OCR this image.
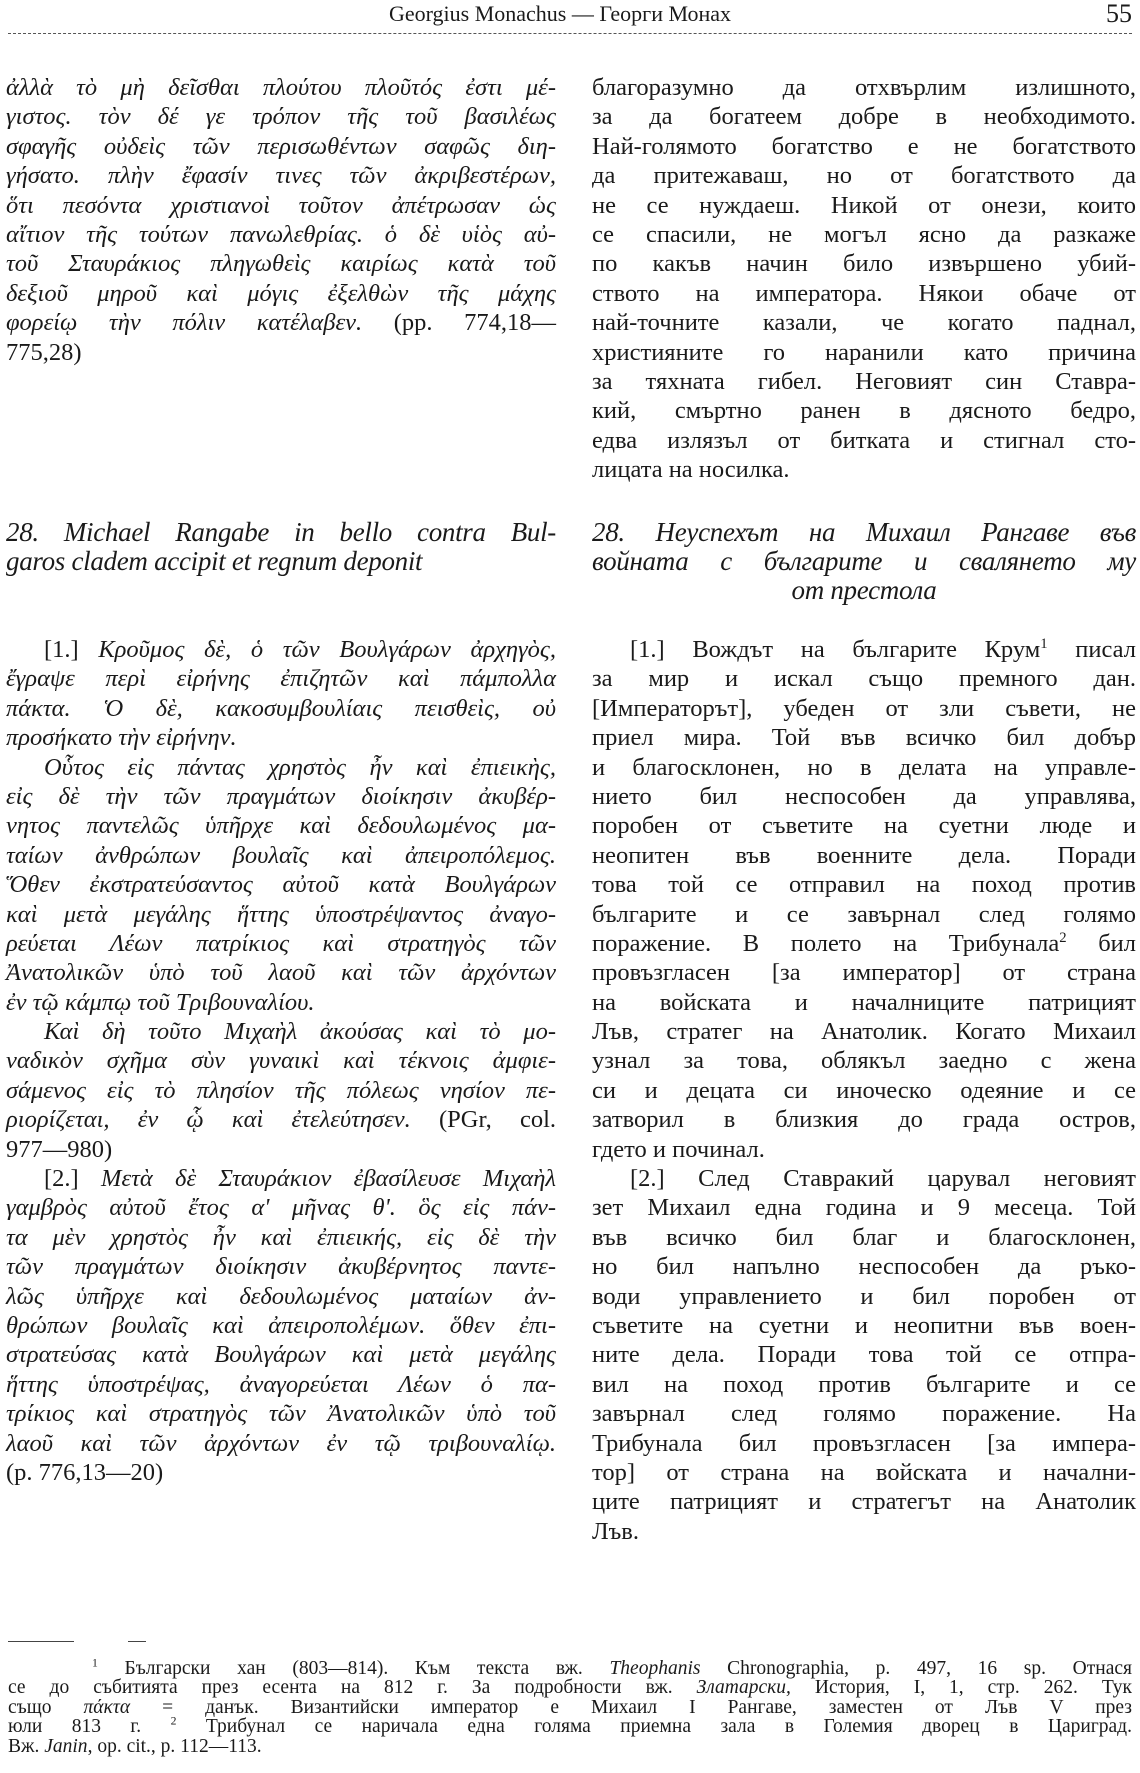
Georgius Monachus — Георги Монах	55
ἀλλὰ τὸ μὴ δεῖσθαι πλούτου πλοῦτός ἐστι μέ-
γιστος. τὸν δέ γε τρόπον τῆς τοῦ βασιλέως
σφαγῆς οὐδεὶς τῶν περισωθέντων σαφῶς διη-
γήσατο. πλὴν ἔφασίν τινες τῶν ἀκριβεστέρων,
ὅτι πεσόντα χριστιανοὶ τοῦτον ἀπέτρωσαν ὡς
αἴτιον τῆς τούτων πανωλεθρίας. ὁ δὲ υἱὸς αὐ-
τοῦ Σταυράκιος πληγωθεὶς καιρίως κατὰ τοῦ
δεξιοῦ μηροῦ καὶ μόγις ἐξελθὼν τῆς μάχης
φορείῳ τὴν πόλιν κατέλαβεν. (pp. 774,18—
775,28)
благоразумно да отхвърлим излишното,
за да богатеем добре в необходимото.
Най-голямото богатство е не богатството
да притежаваш, но от богатството да
не се нуждаеш. Никой от онези, които
се спасили, не могъл ясно да разкаже
по какъв начин било извършено убий-
ството на императора. Някои обаче от
най-точните казали, че когато паднал,
християните го наранили като причина
за тяхната гибел. Неговият син Ставра-
кий, смъртно ранен в дясното бедро,
едва излязъл от битката и стигнал сто-
лицата на носилка.
28. Michael Rangabe in bello contra Bul-
garos cladem accipit et regnum deponit
28. Неуспехът на Михаил Рангаве във
войната с българите и свалянето му
от престола
[1.] Κροῦμος δὲ, ὁ τῶν Βουλγάρων ἀρχηγὸς,
ἔγραψε περὶ εἰρήνης ἐπιζητῶν καὶ πάμπολλα
πάκτα. Ὁ δὲ, κακοσυμβουλίαις πεισθεὶς, οὐ
προσήκατο τὴν εἰρήνην.
Οὗτος εἰς πάντας χρηστὸς ἦν καὶ ἐπιεικὴς,
εἰς δὲ τὴν τῶν πραγμάτων διοίκησιν ἀκυβέρ-
νητος παντελῶς ὑπῆρχε καὶ δεδουλωμένος μα-
ταίων ἀνθρώπων βουλαῖς καὶ ἀπειροπόλεμος.
Ὅθεν ἐκστρατεύσαντος αὐτοῦ κατὰ Βουλγάρων
καὶ μετὰ μεγάλης ἥττης ὑποστρέψαντος ἀναγο-
ρεύεται Λέων πατρίκιος καὶ στρατηγὸς τῶν
Ἀνατολικῶν ὑπὸ τοῦ λαοῦ καὶ τῶν ἀρχόντων
ἐν τῷ κάμπῳ τοῦ Τριβουναλίου.
Καὶ δὴ τοῦτο Μιχαὴλ ἀκούσας καὶ τὸ μο-
ναδικὸν σχῆμα σὺν γυναικὶ καὶ τέκνοις ἀμφιε-
σάμενος εἰς τὸ πλησίον τῆς πόλεως νησίον πε-
ριορίζεται, ἐν ᾧ καὶ ἐτελεύτησεν. (PGr, col.
977—980)
[2.] Μετὰ δὲ Σταυράκιον ἐβασίλευσε Μιχαὴλ
γαμβρὸς αὐτοῦ ἔτος α' μῆνας θ'. ὃς εἰς πάν-
τα μὲν χρηστὸς ἦν καὶ ἐπιεικής, εἰς δὲ τὴν
τῶν πραγμάτων διοίκησιν ἀκυβέρνητος παντε-
λῶς ὑπῆρχε καὶ δεδουλωμένος ματαίων ἀν-
θρώπων βουλαῖς καὶ ἀπειροπολέμων. ὅθεν ἐπι-
στρατεύσας κατὰ Βουλγάρων καὶ μετὰ μεγάλης
ἥττης ὑποστρέψας, ἀναγορεύεται Λέων ὁ πα-
τρίκιος καὶ στρατηγὸς τῶν Ἀνατολικῶν ὑπὸ τοῦ
λαοῦ καὶ τῶν ἀρχόντων ἐν τῷ τριβουναλίῳ.
(p. 776,13—20)
[1.] Вождът на българите Крум$^1$ писал
за мир и искал също премного дан.
[Императорът], убеден от зли съвети, не
приел мира. Той във всичко бил добър
и благосклонен, но в делата на управле-
нието бил неспособен да управлява,
поробен от съветите на суетни люде и
неопитен във военните дела. Поради
това той се отправил на поход против
българите и се завърнал след голямо
поражение. В полето на Трибунала$^2$ бил
провъзгласен [за император] от страна
на войската и началниците патрицият
Лъв, стратег на Анатолик. Когато Михаил
узнал за това, облякъл заедно с жена
си и децата си иноческо одеяние и се
затворил в близкия до града остров,
гдето и починал.
[2.] След Ставракий царувал неговият
зет Михаил една година и 9 месеца. Той
във всичко бил благ и благосклонен,
но бил напълно неспособен да ръко-
води управлението и бил поробен от
съветите на суетни и неопитни във воен-
ните дела. Поради това той се отпра-
вил на поход против българите и се
завърнал след голямо поражение. На
Трибунала бил провъзгласен [за импера-
тор] от страна на войската и начални-
ците патрицият и стратегът на Анатолик
Лъв.
$^1$ Български хан (803—814). Към текста вж. Theophanis Chronographia, p. 497, 16 sp. Отнася
се до събитията през есента на 812 г. За подробности вж. Златарски, История, I, 1, стр. 262. Тук
също πάκτα = данък. Византийски император е Михаил I Рангаве, заместен от Лъв V през
юли 813 г. $^2$ Трибунал се наричала една голяма приемна зала в Големия дворец в Цариград.
Вж. Janin, op. cit., p. 112—113.
